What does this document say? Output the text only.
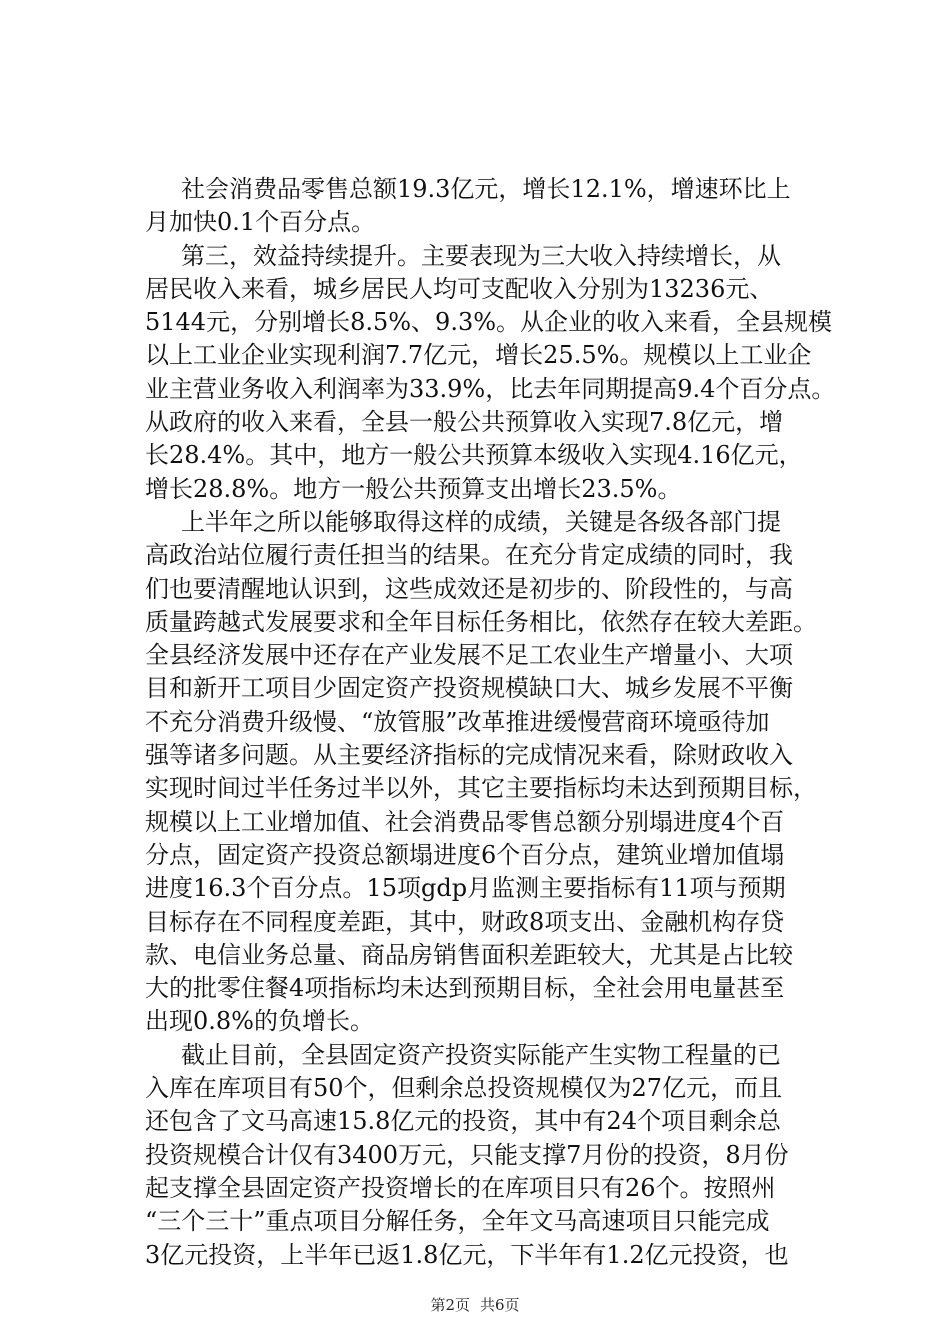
社会消费品零售总额19.3亿元，增长12.1%，增速环比上
月加快0.1个百分点。
第三，效益持续提升。主要表现为三大收入持续增长，从
居民收入来看，城乡居民人均可支配收入分别为13236元、
5144元，分别增长8.5%、9.3%。从企业的收入来看，全县规模
以上工业企业实现利润7.7亿元，增长25.5%。规模以上工业企
业主营业务收入利润率为33.9%，比去年同期提高9.4个百分点。
从政府的收入来看，全县一般公共预算收入实现7.8亿元，增
长28.4%。其中，地方一般公共预算本级收入实现4.16亿元，
增长28.8%。地方一般公共预算支出增长23.5%。
上半年之所以能够取得这样的成绩，关键是各级各部门提
高政治站位履行责任担当的结果。在充分肯定成绩的同时，我
们也要清醒地认识到，这些成效还是初步的、阶段性的，与高
质量跨越式发展要求和全年目标任务相比，依然存在较大差距。
全县经济发展中还存在产业发展不足工农业生产增量小、大项
目和新开工项目少固定资产投资规模缺口大、城乡发展不平衡
不充分消费升级慢、“放管服”改革推进缓慢营商环境亟待加
强等诸多问题。从主要经济指标的完成情况来看，除财政收入
实现时间过半任务过半以外，其它主要指标均未达到预期目标，
规模以上工业增加值、社会消费品零售总额分别塌进度4个百
分点，固定资产投资总额塌进度6个百分点，建筑业增加值塌
进度16.3个百分点。15项gdp月监测主要指标有11项与预期
目标存在不同程度差距，其中，财政8项支出、金融机构存贷
款、电信业务总量、商品房销售面积差距较大，尤其是占比较
大的批零住餐4项指标均未达到预期目标，全社会用电量甚至
出现0.8%的负增长。
截止目前，全县固定资产投资实际能产生实物工程量的已
入库在库项目有50个，但剩余总投资规模仅为27亿元，而且
还包含了文马高速15.8亿元的投资，其中有24个项目剩余总
投资规模合计仅有3400万元，只能支撑7月份的投资，8月份
起支撑全县固定资产投资增长的在库项目只有26个。按照州
“三个三十”重点项目分解任务，全年文马高速项目只能完成
3亿元投资，上半年已返1.8亿元，下半年有1.2亿元投资，也
第2页 共6页
